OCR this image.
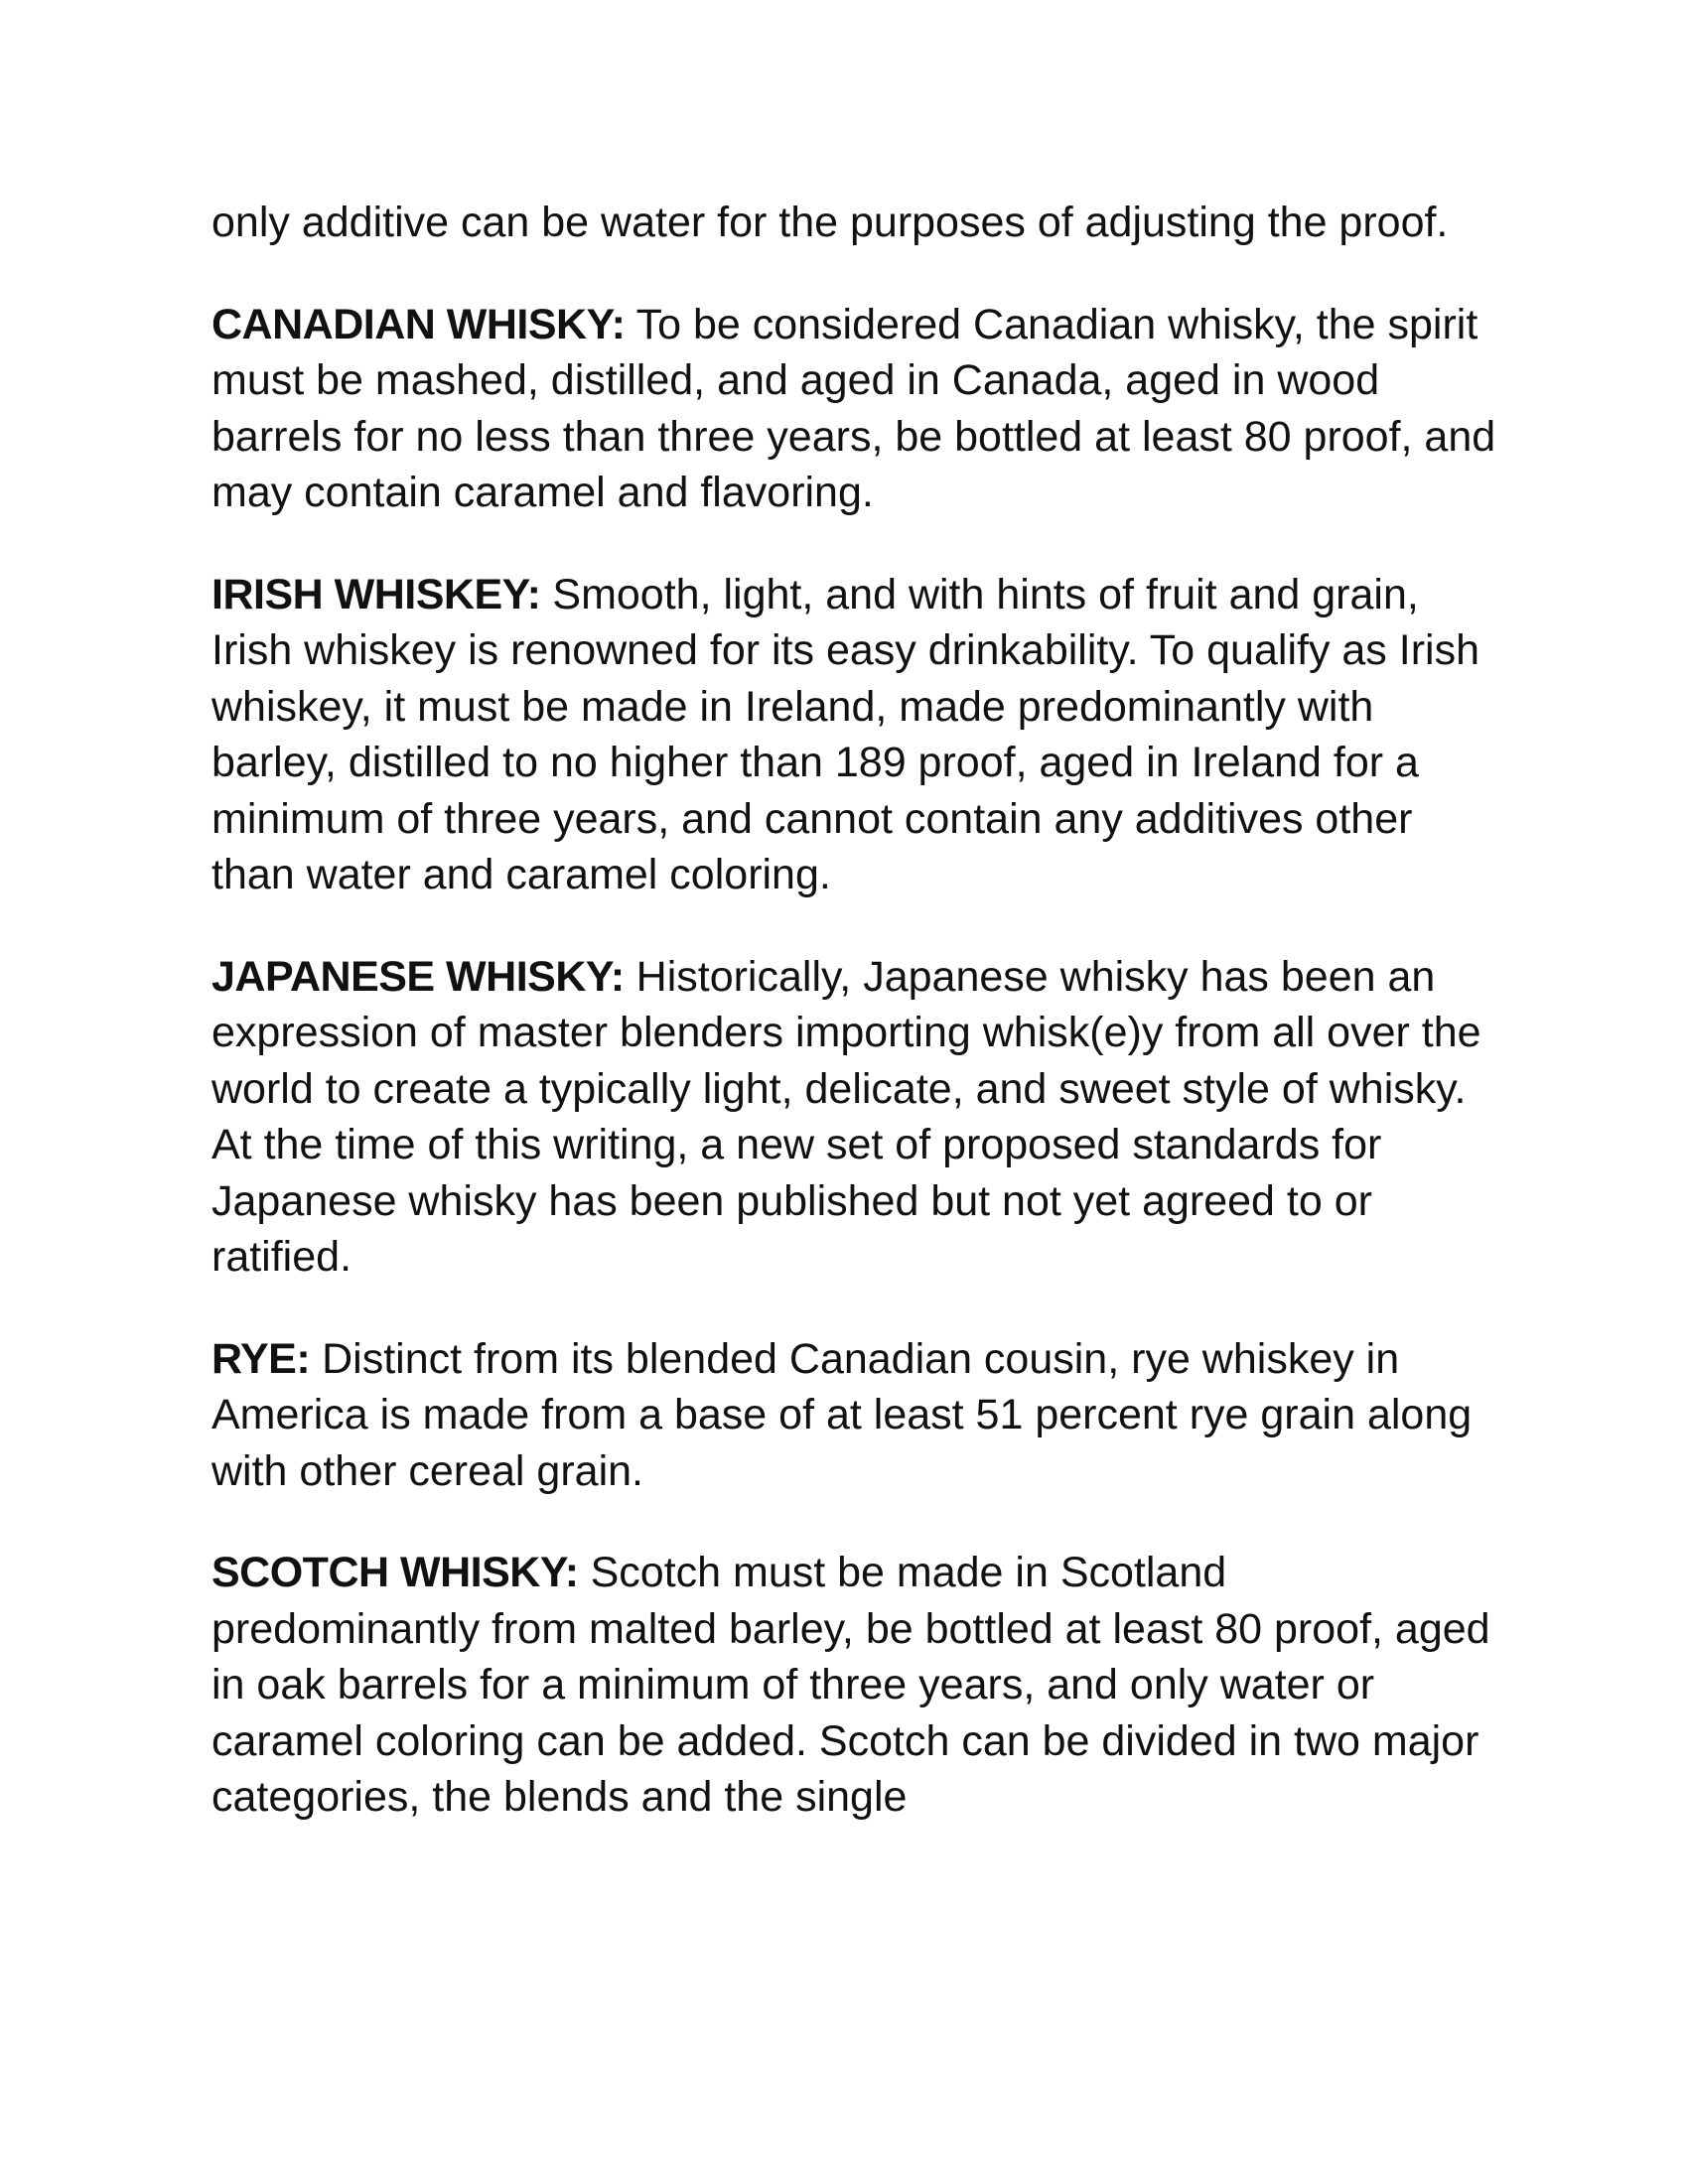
only additive can be water for the purposes of adjusting the proof.

CANADIAN WHISKY: To be considered Canadian whisky, the spirit must be mashed, distilled, and aged in Canada, aged in wood barrels for no less than three years, be bottled at least 80 proof, and may contain caramel and flavoring.

IRISH WHISKEY: Smooth, light, and with hints of fruit and grain, Irish whiskey is renowned for its easy drinkability. To qualify as Irish whiskey, it must be made in Ireland, made predominantly with barley, distilled to no higher than 189 proof, aged in Ireland for a minimum of three years, and cannot contain any additives other than water and caramel coloring.

JAPANESE WHISKY: Historically, Japanese whisky has been an expression of master blenders importing whisk(e)y from all over the world to create a typically light, delicate, and sweet style of whisky. At the time of this writing, a new set of proposed standards for Japanese whisky has been published but not yet agreed to or ratified.

RYE: Distinct from its blended Canadian cousin, rye whiskey in America is made from a base of at least 51 percent rye grain along with other cereal grain.

SCOTCH WHISKY: Scotch must be made in Scotland predominantly from malted barley, be bottled at least 80 proof, aged in oak barrels for a minimum of three years, and only water or caramel coloring can be added. Scotch can be divided in two major categories, the blends and the single
